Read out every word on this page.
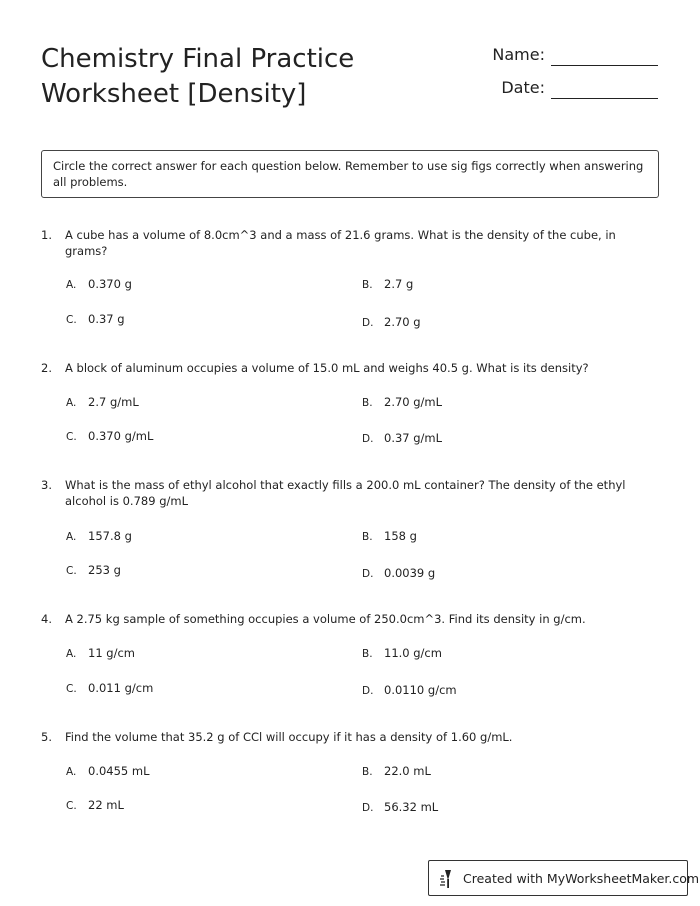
Chemistry Final Practice
Worksheet [Density]
Name:
Date:
Circle the correct answer for each question below. Remember to use sig figs correctly when answering all problems.
1. A cube has a volume of 8.0cm^3 and a mass of 21.6 grams. What is the density of the cube, in grams?
A. 0.370 g	B. 2.7 g
C. 0.37 g	D. 2.70 g
2. A block of aluminum occupies a volume of 15.0 mL and weighs 40.5 g. What is its density?
A. 2.7 g/mL	B. 2.70 g/mL
C. 0.370 g/mL	D. 0.37 g/mL
3. What is the mass of ethyl alcohol that exactly fills a 200.0 mL container? The density of the ethyl alcohol is 0.789 g/mL
A. 157.8 g	B. 158 g
C. 253 g	D. 0.0039 g
4. A 2.75 kg sample of something occupies a volume of 250.0cm^3. Find its density in g/cm.
A. 11 g/cm	B. 11.0 g/cm
C. 0.011 g/cm	D. 0.0110 g/cm
5. Find the volume that 35.2 g of CCl will occupy if it has a density of 1.60 g/mL.
A. 0.0455 mL	B. 22.0 mL
C. 22 mL	D. 56.32 mL
Created with MyWorksheetMaker.com
